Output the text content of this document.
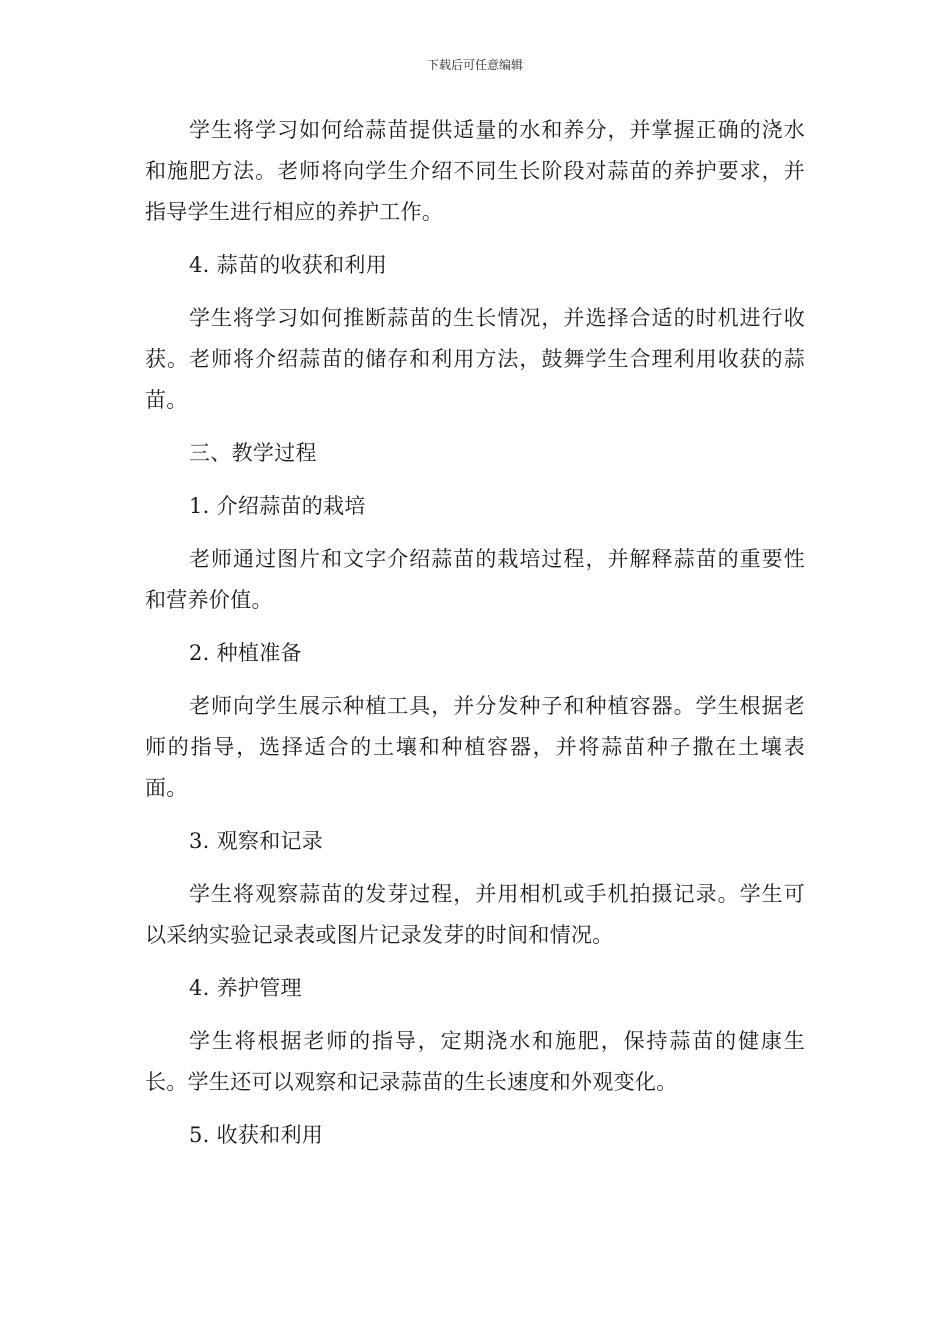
下载后可任意编辑

学生将学习如何给蒜苗提供适量的水和养分，并掌握正确的浇水和施肥方法。老师将向学生介绍不同生长阶段对蒜苗的养护要求，并指导学生进行相应的养护工作。

4. 蒜苗的收获和利用

学生将学习如何推断蒜苗的生长情况，并选择合适的时机进行收获。老师将介绍蒜苗的储存和利用方法，鼓舞学生合理利用收获的蒜苗。

三、教学过程

1. 介绍蒜苗的栽培

老师通过图片和文字介绍蒜苗的栽培过程，并解释蒜苗的重要性和营养价值。

2. 种植准备

老师向学生展示种植工具，并分发种子和种植容器。学生根据老师的指导，选择适合的土壤和种植容器，并将蒜苗种子撒在土壤表面。

3. 观察和记录

学生将观察蒜苗的发芽过程，并用相机或手机拍摄记录。学生可以采纳实验记录表或图片记录发芽的时间和情况。

4. 养护管理

学生将根据老师的指导，定期浇水和施肥，保持蒜苗的健康生长。学生还可以观察和记录蒜苗的生长速度和外观变化。

5. 收获和利用
